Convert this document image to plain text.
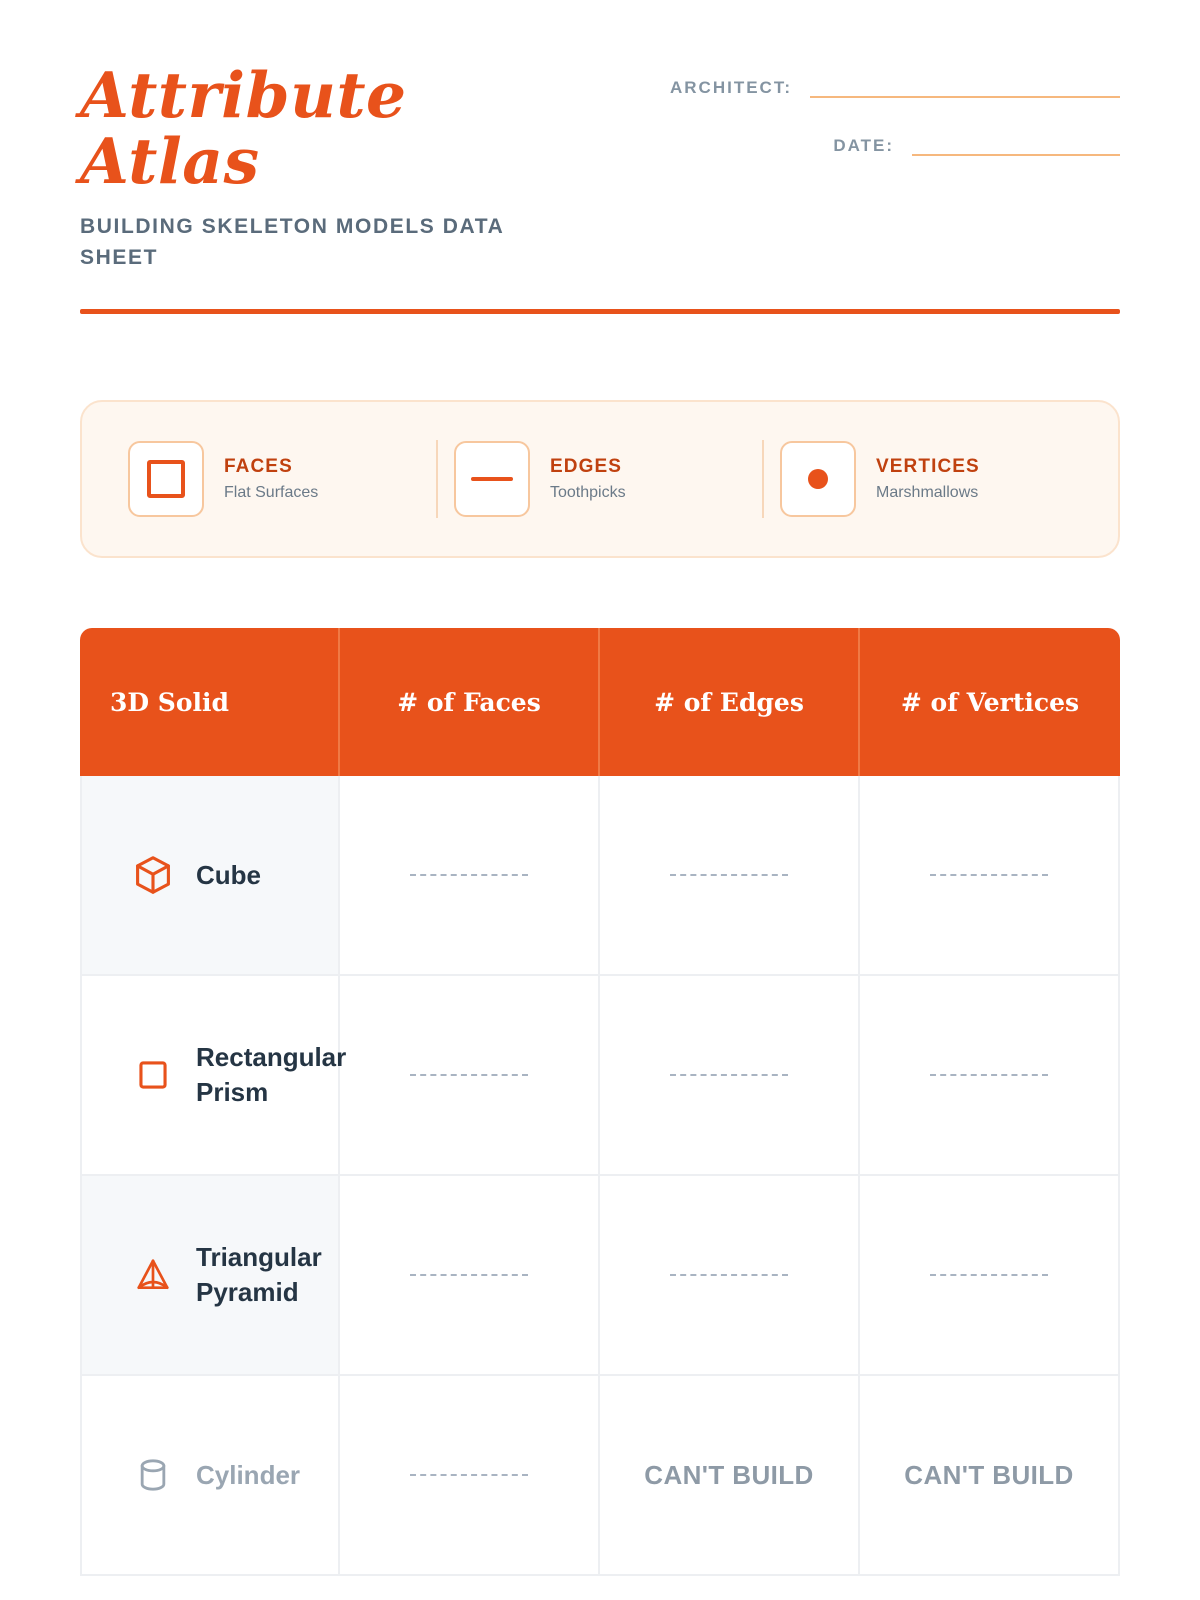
Attribute Atlas
BUILDING SKELETON MODELS DATA SHEET
ARCHITECT:
DATE:
FACES
Flat Surfaces
EDGES
Toothpicks
VERTICES
Marshmallows
3D Solid	# of Faces	# of Edges	# of Vertices

Cube			

Rectangular Prism			

Triangular Pyramid			

Cylinder		CAN'T BUILD	CAN'T BUILD
